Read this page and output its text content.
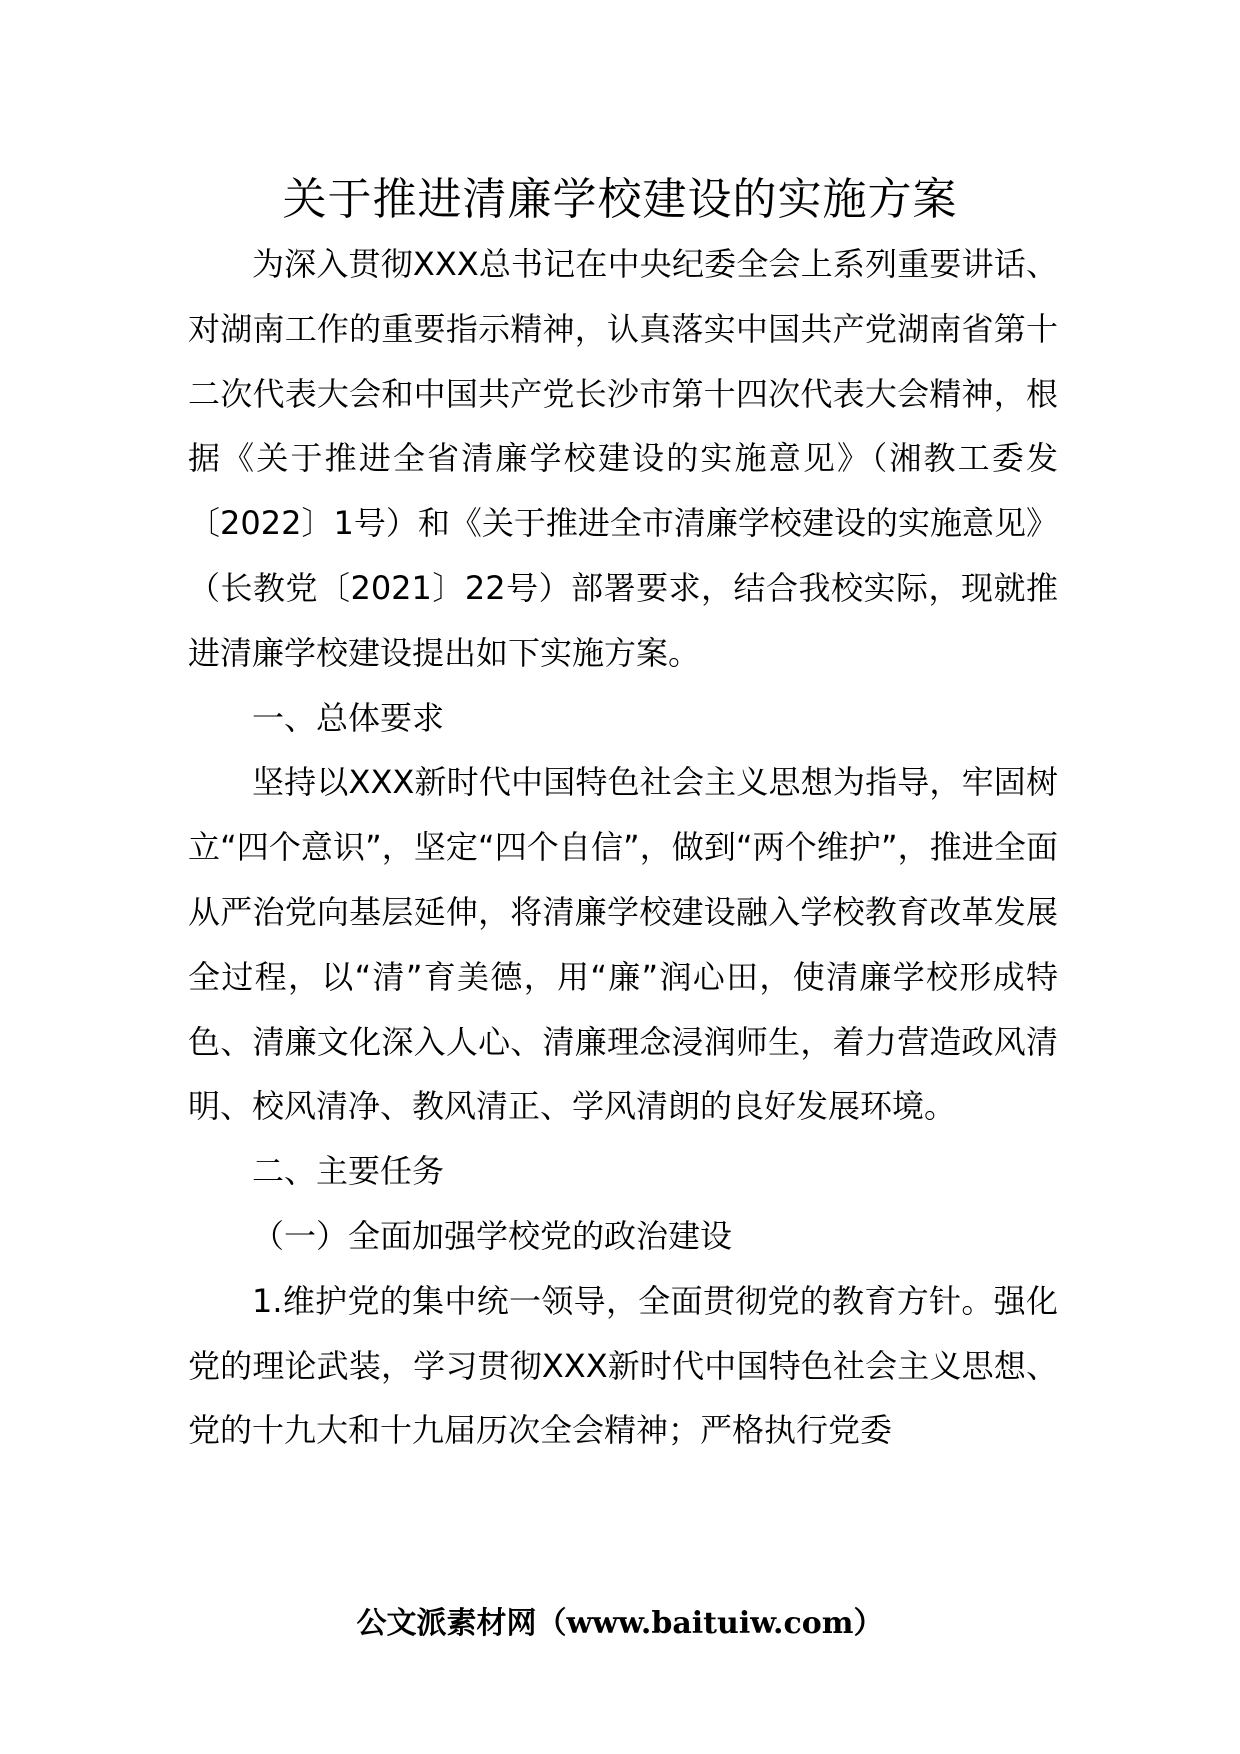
关于推进清廉学校建设的实施方案

为深入贯彻XXX总书记在中央纪委全会上系列重要讲话、对湖南工作的重要指示精神，认真落实中国共产党湖南省第十二次代表大会和中国共产党长沙市第十四次代表大会精神，根据《关于推进全省清廉学校建设的实施意见》（湘教工委发〔2022〕1号）和《关于推进全市清廉学校建设的实施意见》（长教党〔2021〕22号）部署要求，结合我校实际，现就推进清廉学校建设提出如下实施方案。

一、总体要求

坚持以XXX新时代中国特色社会主义思想为指导，牢固树立“四个意识”，坚定“四个自信”，做到“两个维护”，推进全面从严治党向基层延伸，将清廉学校建设融入学校教育改革发展全过程，以“清”育美德，用“廉”润心田，使清廉学校形成特色、清廉文化深入人心、清廉理念浸润师生，着力营造政风清明、校风清净、教风清正、学风清朗的良好发展环境。

二、主要任务

（一）全面加强学校党的政治建设

1.维护党的集中统一领导，全面贯彻党的教育方针。强化党的理论武装，学习贯彻XXX新时代中国特色社会主义思想、党的十九大和十九届历次全会精神；严格执行党委

公文派素材网（www.baituiw.com）
